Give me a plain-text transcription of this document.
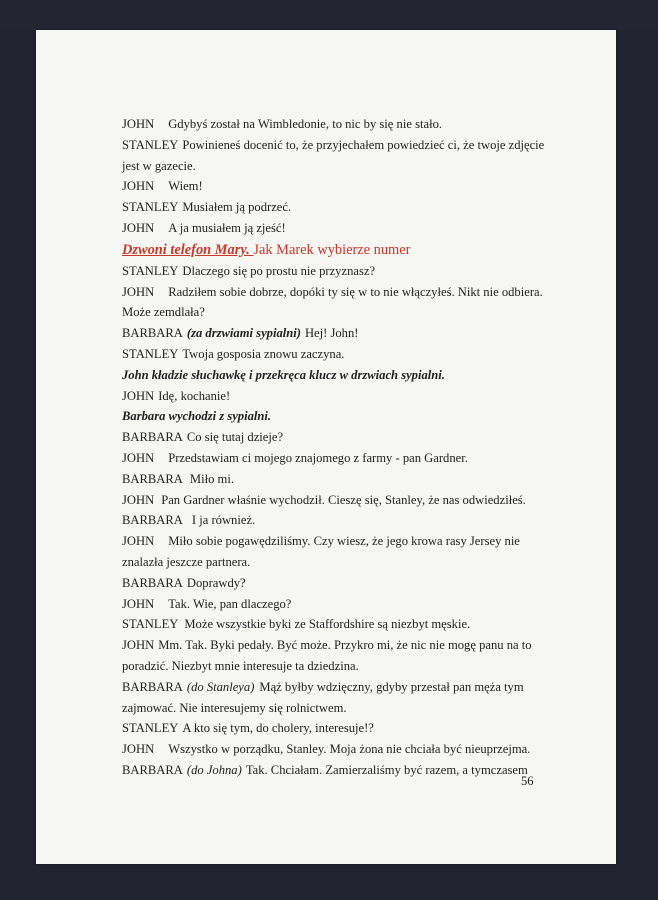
JOHN Gdybyś został na Wimbledonie, to nic by się nie stało.
STANLEY Powinieneś docenić to, że przyjechałem powiedzieć ci, że twoje zdjęcie
jest w gazecie.
JOHN Wiem!
STANLEY Musiałem ją podrzeć.
JOHN A ja musiałem ją zjeść!
Dzwoni telefon Mary. Jak Marek wybierze numer
STANLEY Dlaczego się po prostu nie przyznasz?
JOHN Radziłem sobie dobrze, dopóki ty się w to nie włączyłeś. Nikt nie odbiera.
Może zemdlała?
BARBARA (za drzwiami sypialni) Hej! John!
STANLEY Twoja gosposia znowu zaczyna.
John kładzie słuchawkę i przekręca klucz w drzwiach sypialni.
JOHN Idę, kochanie!
Barbara wychodzi z sypialni.
BARBARA Co się tutaj dzieje?
JOHN Przedstawiam ci mojego znajomego z farmy - pan Gardner.
BARBARA Miło mi.
JOHN Pan Gardner właśnie wychodził. Cieszę się, Stanley, że nas odwiedziłeś.
BARBARA I ja również.
JOHN Miło sobie pogawędziliśmy. Czy wiesz, że jego krowa rasy Jersey nie
znalazła jeszcze partnera.
BARBARA Doprawdy?
JOHN Tak. Wie, pan dlaczego?
STANLEY Może wszystkie byki ze Staffordshire są niezbyt męskie.
JOHN Mm. Tak. Byki pedały. Być może. Przykro mi, że nic nie mogę panu na to
poradzić. Niezbyt mnie interesuje ta dziedzina.
BARBARA (do Stanleya) Mąż byłby wdzięczny, gdyby przestał pan męża tym
zajmować. Nie interesujemy się rolnictwem.
STANLEY A kto się tym, do cholery, interesuje!?
JOHN Wszystko w porządku, Stanley. Moja żona nie chciała być nieuprzejma.
BARBARA (do Johna) Tak. Chciałam. Zamierzaliśmy być razem, a tymczasem
56
